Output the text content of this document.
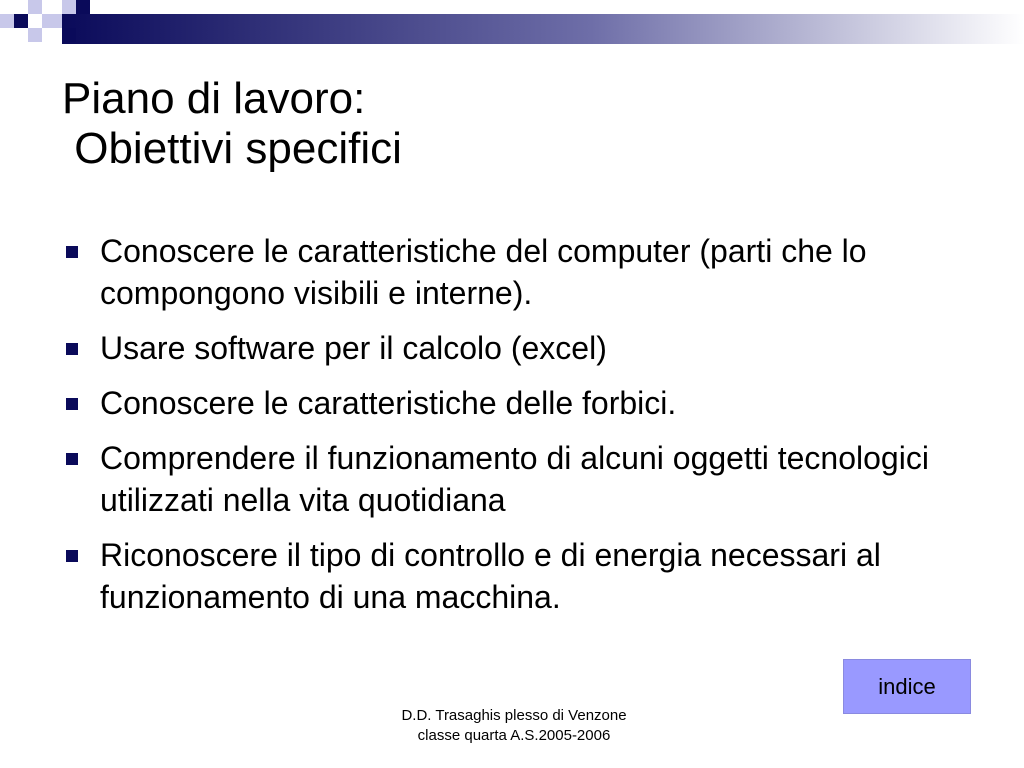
Piano di lavoro:
Obiettivi specifici
Conoscere le caratteristiche del computer (parti che lo compongono visibili e interne).
Usare software per il calcolo (excel)
Conoscere le caratteristiche delle forbici.
Comprendere il funzionamento di alcuni oggetti tecnologici utilizzati nella vita quotidiana
Riconoscere il tipo di controllo e di energia necessari al funzionamento di una macchina.
indice
D.D. Trasaghis plesso di Venzone
classe quarta A.S.2005-2006
